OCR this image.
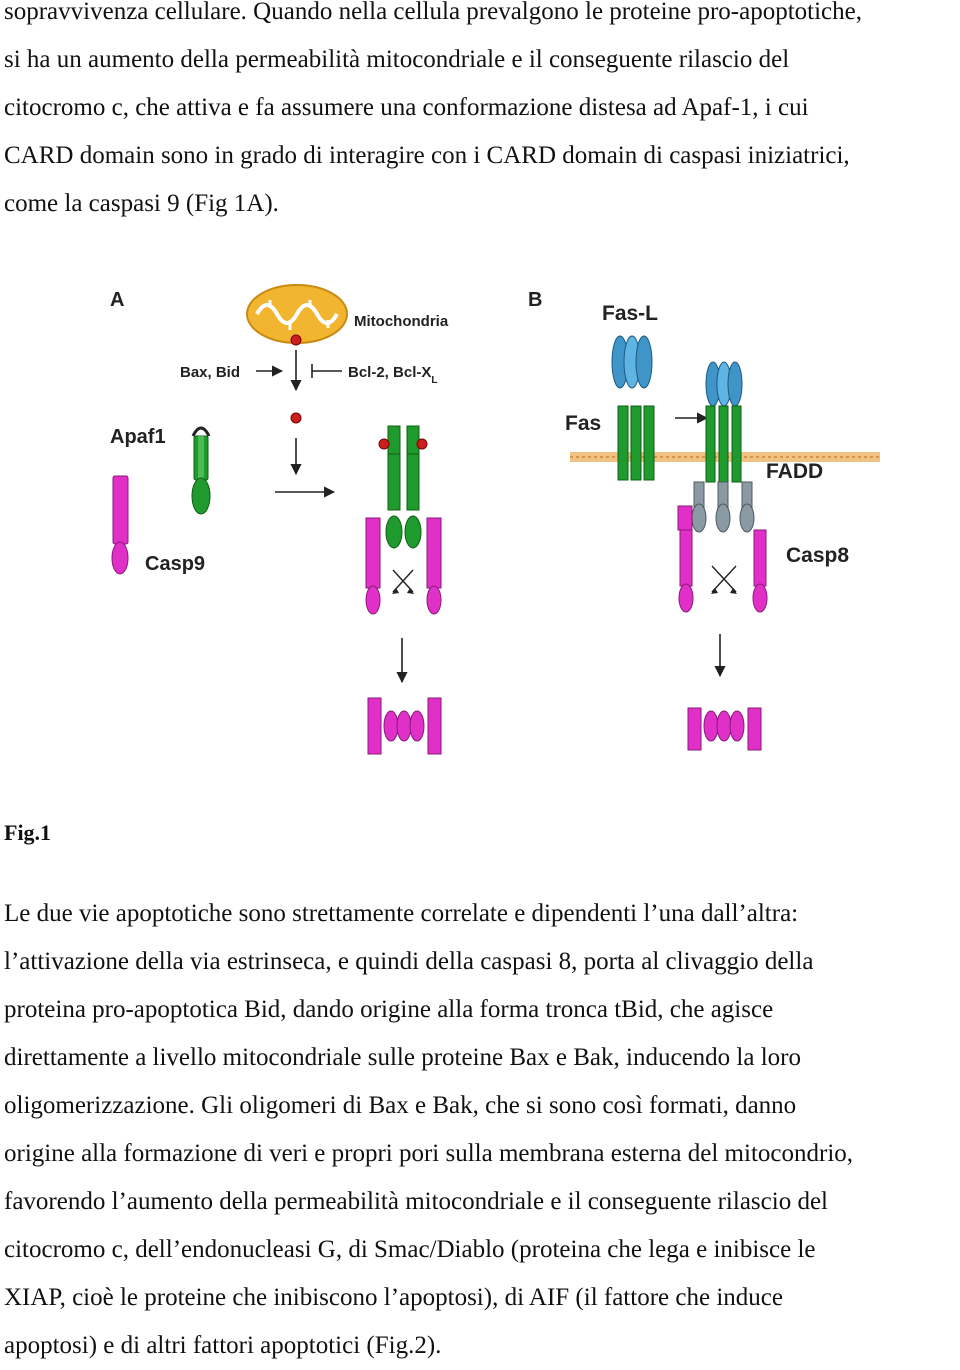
sopravvivenza cellulare. Quando nella cellula prevalgono le proteine pro-apoptotiche,
si ha un aumento della permeabilità mitocondriale e il conseguente rilascio del
citocromo c, che attiva e fa assumere una conformazione distesa ad Apaf-1, i cui
CARD domain sono in grado di interagire con i CARD domain di caspasi iniziatrici,
come la caspasi 9 (Fig 1A).
A
Mitochondria
Bax, Bid	Bcl-2, Bcl-$X_L$
Apaf1
Casp9
B
Fas-L
Fas
FADD
Casp8
Fig.1
Le due vie apoptotiche sono strettamente correlate e dipendenti l’una dall’altra:
l’attivazione della via estrinseca, e quindi della caspasi 8, porta al clivaggio della
proteina pro-apoptotica Bid, dando origine alla forma tronca tBid, che agisce
direttamente a livello mitocondriale sulle proteine Bax e Bak, inducendo la loro
oligomerizzazione. Gli oligomeri di Bax e Bak, che si sono così formati, danno
origine alla formazione di veri e propri pori sulla membrana esterna del mitocondrio,
favorendo l’aumento della permeabilità mitocondriale e il conseguente rilascio del
citocromo c, dell’endonucleasi G, di Smac/Diablo (proteina che lega e inibisce le
XIAP, cioè le proteine che inibiscono l’apoptosi), di AIF (il fattore che induce
apoptosi) e di altri fattori apoptotici (Fig.2).
